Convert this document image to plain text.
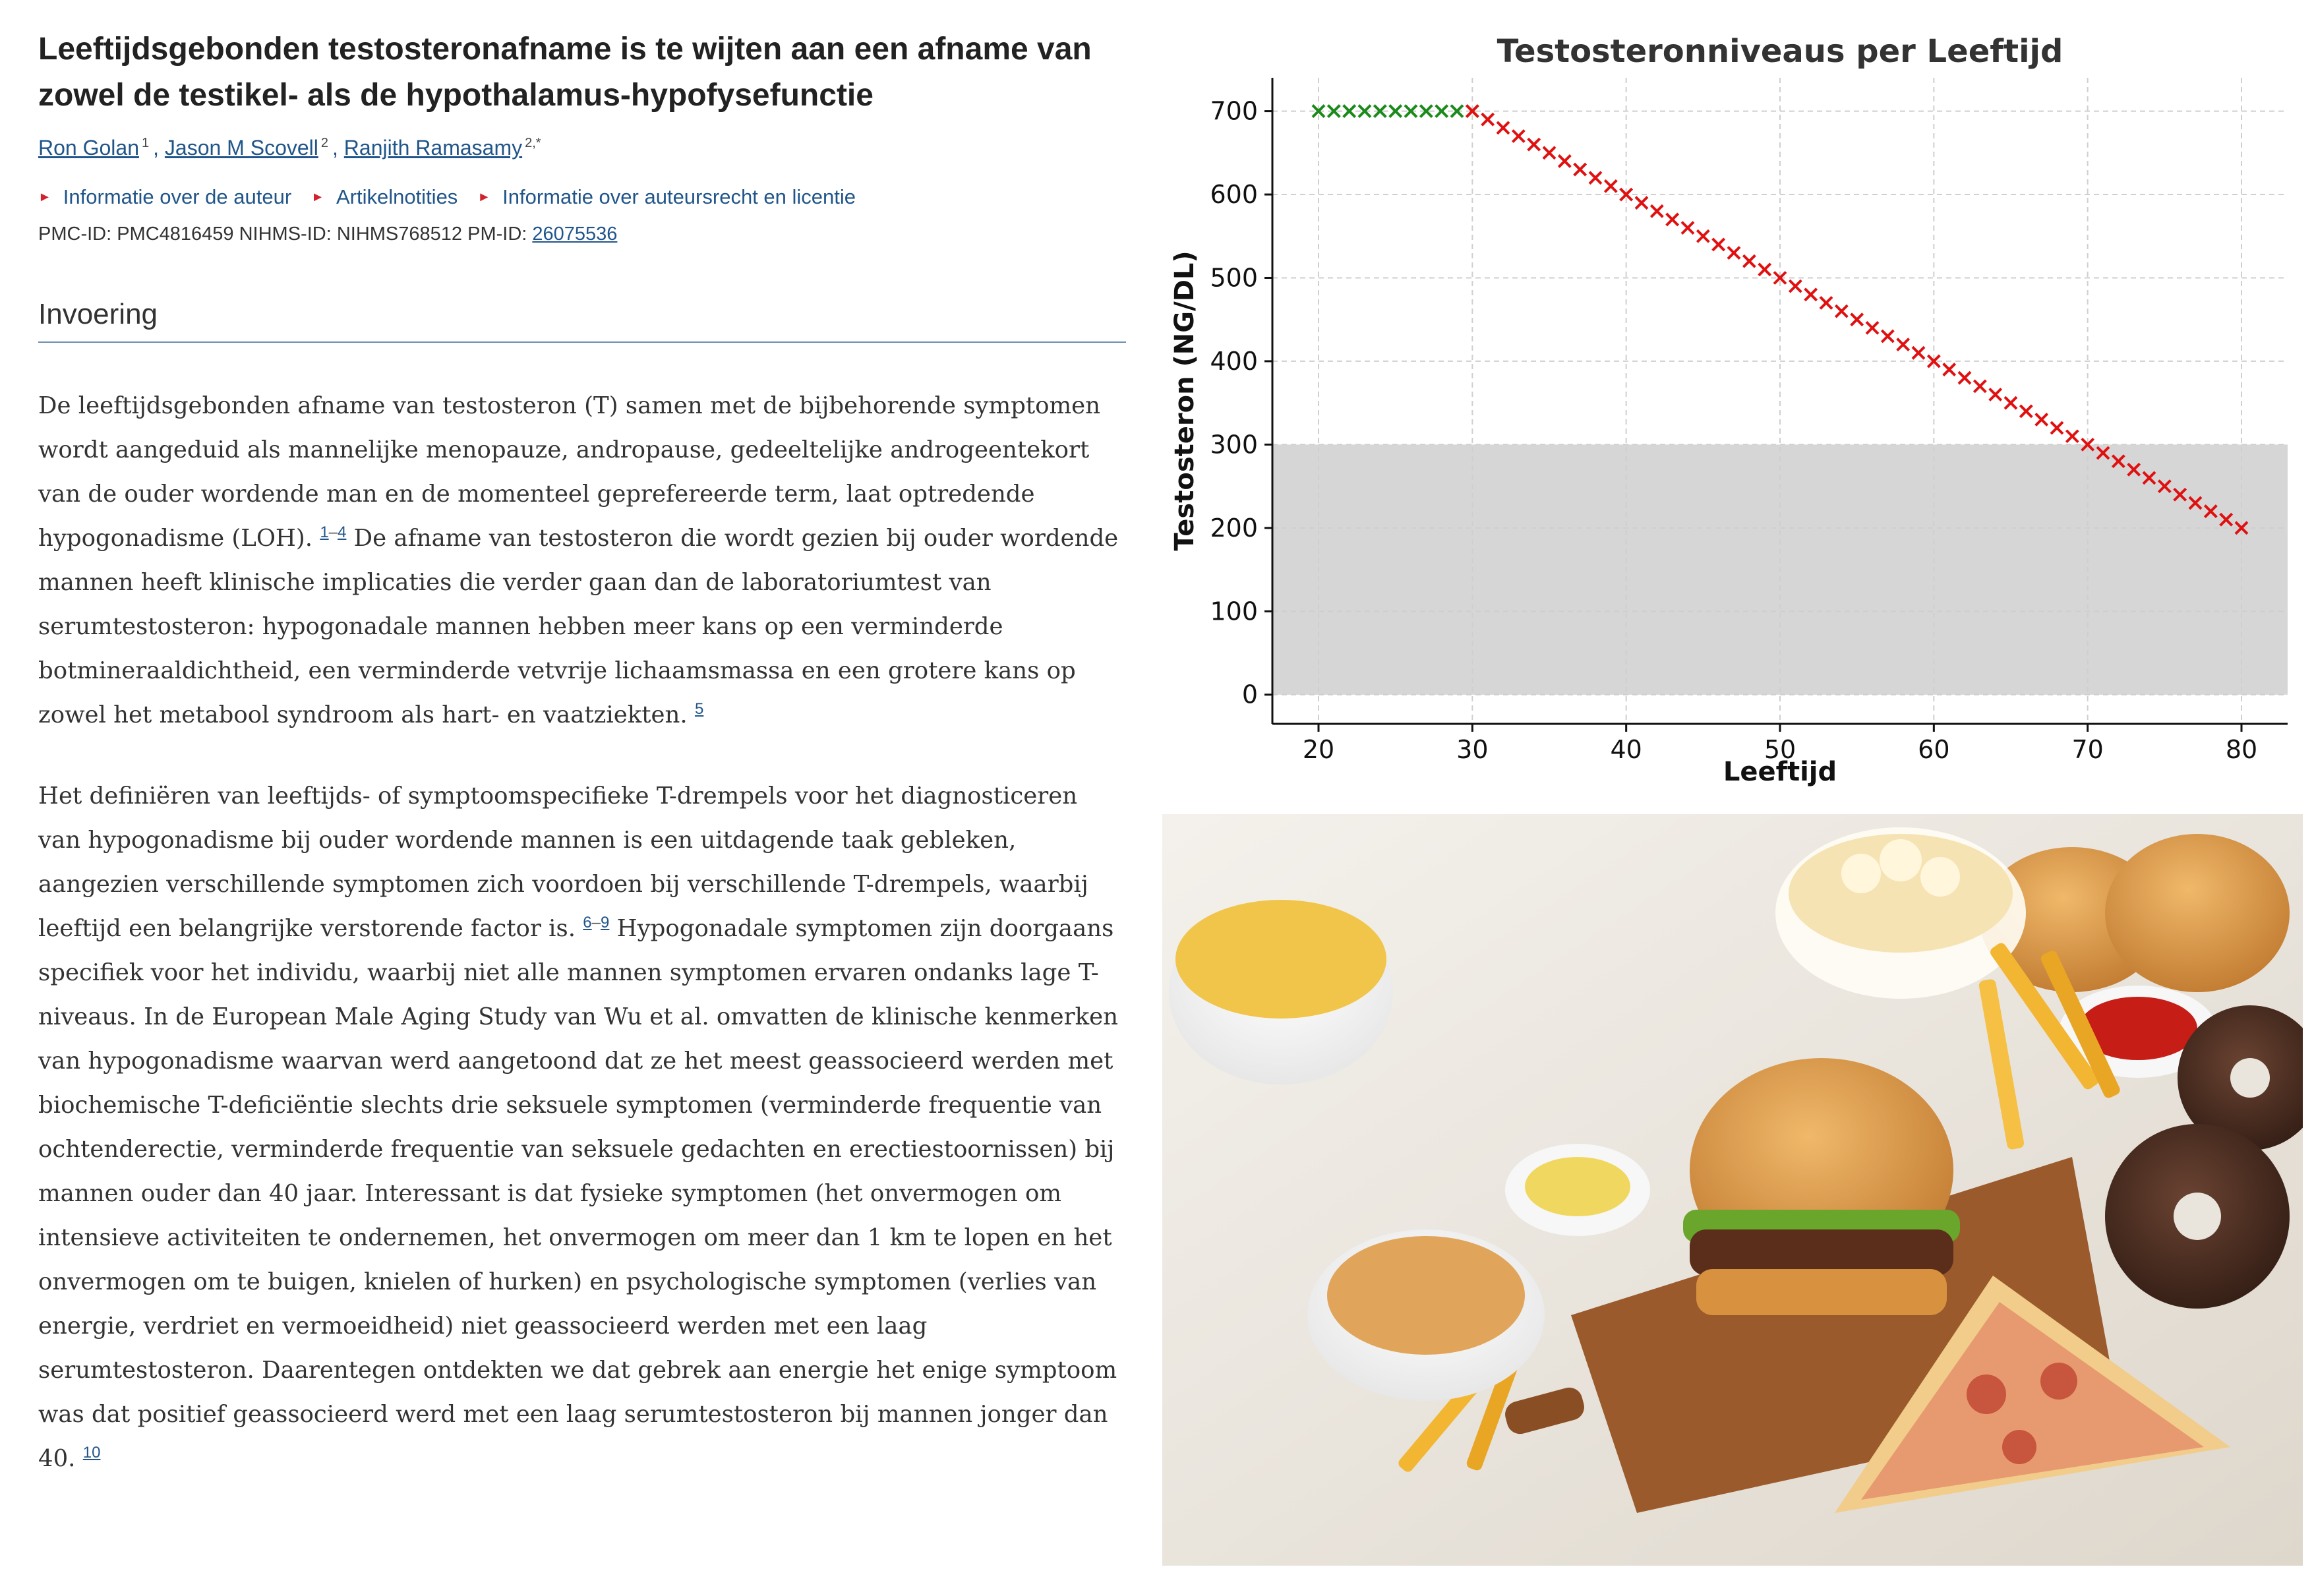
Leeftijdsgebonden testosteronafname is te wijten aan een afname van
zowel de testikel- als de hypothalamus-hypofysefunctie
Ron Golan $^1$ , Jason M Scovell $^2$ , Ranjith Ramasamy $^{2,*}$
► Informatie over de auteur ► Artikelnotities ► Informatie over auteursrecht en licentie
PMC-ID: PMC4816459 NIHMS-ID: NIHMS768512 PM-ID: 26075536
Invoering

De leeftijdsgebonden afname van testosteron (T) samen met de bijbehorende symptomen wordt aangeduid als mannelijke menopauze, andropause, gedeeltelijke androgeentekort van de ouder wordende man en de momenteel geprefereerde term, laat optredende hypogonadisme (LOH). $^{1-4}$ De afname van testosteron die wordt gezien bij ouder wordende mannen heeft klinische implicaties die verder gaan dan de laboratoriumtest van serumtestosteron: hypogonadale mannen hebben meer kans op een verminderde botmineraaldichtheid, een verminderde vetvrije lichaamsmassa en een grotere kans op zowel het metabool syndroom als hart- en vaatziekten. $^5$

Het definiëren van leeftijds- of symptoomspecifieke T-drempels voor het diagnosticeren van hypogonadisme bij ouder wordende mannen is een uitdagende taak gebleken, aangezien verschillende symptomen zich voordoen bij verschillende T-drempels, waarbij leeftijd een belangrijke verstorende factor is. $^{6-9}$ Hypogonadale symptomen zijn doorgaans specifiek voor het individu, waarbij niet alle mannen symptomen ervaren ondanks lage T-niveaus. In de European Male Aging Study van Wu et al. omvatten de klinische kenmerken van hypogonadisme waarvan werd aangetoond dat ze het meest geassocieerd werden met biochemische T-deficiëntie slechts drie seksuele symptomen (verminderde frequentie van ochtenderectie, verminderde frequentie van seksuele gedachten en erectiestoornissen) bij mannen ouder dan 40 jaar. Interessant is dat fysieke symptomen (het onvermogen om intensieve activiteiten te ondernemen, het onvermogen om meer dan 1 km te lopen en het onvermogen om te buigen, knielen of hurken) en psychologische symptomen (verlies van energie, verdriet en vermoeidheid) niet geassocieerd werden met een laag serumtestosteron. Daarentegen ontdekten we dat gebrek aan energie het enige symptoom was dat positief geassocieerd werd met een laag serumtestosteron bij mannen jonger dan 40. $^{10}$

Testosteronniveaus per Leeftijd
20	30	40	50	60	70	80
0
100
200
300
400
500
600
700
Leeftijd
Testosteron (NG/DL)
